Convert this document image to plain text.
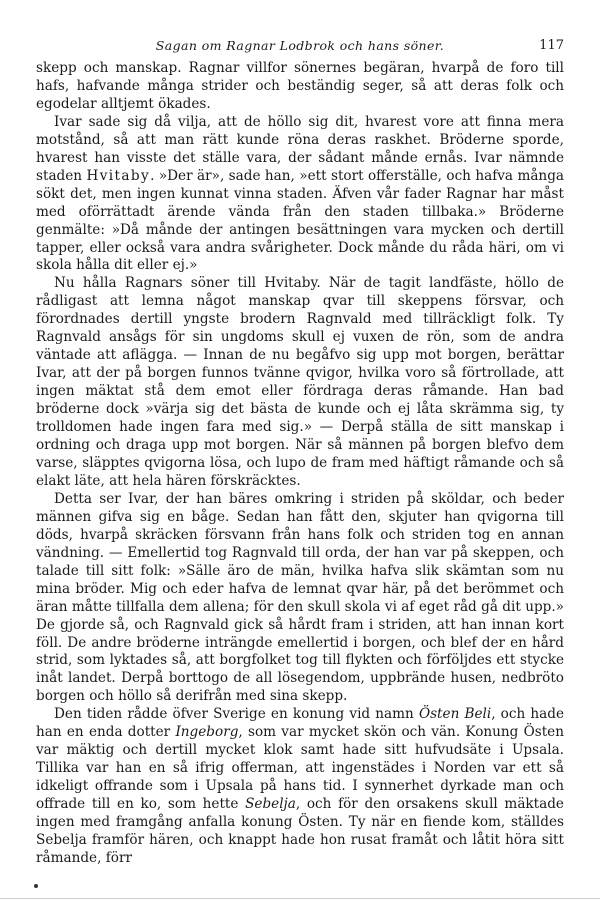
Sagan om Ragnar Lodbrok och hans söner.	117

skepp och manskap. Ragnar villfor sönernes begäran, hvarpå de foro till hafs, hafvande många strider och beständig seger, så att deras folk och egodelar alltjemt ökades.

Ivar sade sig då vilja, att de höllo sig dit, hvarest vore att finna mera motstånd, så att man rätt kunde röna deras raskhet. Bröderne sporde, hvarest han visste det ställe vara, der sådant månde ernås. Ivar nämnde staden Hvitaby. »Der är», sade han, »ett stort offerställe, och hafva många sökt det, men ingen kunnat vinna staden. Äfven vår fader Ragnar har måst med oförrättadt ärende vända från den staden tillbaka.» Bröderne genmälte: »Då månde der antingen besättningen vara mycken och dertill tapper, eller också vara andra svårigheter. Dock månde du råda häri, om vi skola hålla dit eller ej.»

Nu hålla Ragnars söner till Hvitaby. När de tagit landfäste, höllo de rådligast att lemna något manskap qvar till skeppens försvar, och förordnades dertill yngste brodern Ragnvald med tillräckligt folk. Ty Ragnvald ansågs för sin ungdoms skull ej vuxen de rön, som de andra väntade att aflägga. — Innan de nu begåfvo sig upp mot borgen, berättar Ivar, att der på borgen funnos tvänne qvigor, hvilka voro så förtrollade, att ingen mäktat stå dem emot eller fördraga deras råmande. Han bad bröderne dock »värja sig det bästa de kunde och ej låta skrämma sig, ty trolldomen hade ingen fara med sig.» — Derpå ställa de sitt manskap i ordning och draga upp mot borgen. När så männen på borgen blefvo dem varse, släpptes qvigorna lösa, och lupo de fram med häftigt råmande och så elakt läte, att hela hären förskräcktes.

Detta ser Ivar, der han bäres omkring i striden på sköldar, och beder männen gifva sig en båge. Sedan han fått den, skjuter han qvigorna till döds, hvarpå skräcken försvann från hans folk och striden tog en annan vändning. — Emellertid tog Ragnvald till orda, der han var på skeppen, och talade till sitt folk: »Sälle äro de män, hvilka hafva slik skämtan som nu mina bröder. Mig och eder hafva de lemnat qvar här, på det berömmet och äran måtte tillfalla dem allena; för den skull skola vi af eget råd gå dit upp.» De gjorde så, och Ragnvald gick så hårdt fram i striden, att han innan kort föll. De andre bröderne inträngde emellertid i borgen, och blef der en hård strid, som lyktades så, att borgfolket tog till flykten och förföljdes ett stycke inåt landet. Derpå borttogo de all lösegendom, uppbrände husen, nedbröto borgen och höllo så derifrån med sina skepp.

Den tiden rådde öfver Sverige en konung vid namn Östen Beli, och hade han en enda dotter Ingeborg, som var mycket skön och vän. Konung Östen var mäktig och dertill mycket klok samt hade sitt hufvudsäte i Upsala. Tillika var han en så ifrig offerman, att ingenstädes i Norden var ett så idkeligt offrande som i Upsala på hans tid. I synnerhet dyrkade man och offrade till en ko, som hette Sebelja, och för den orsakens skull mäktade ingen med framgång anfalla konung Östen. Ty när en fiende kom, ställdes Sebelja framför hären, och knappt hade hon rusat framåt och låtit höra sitt råmande, förr
